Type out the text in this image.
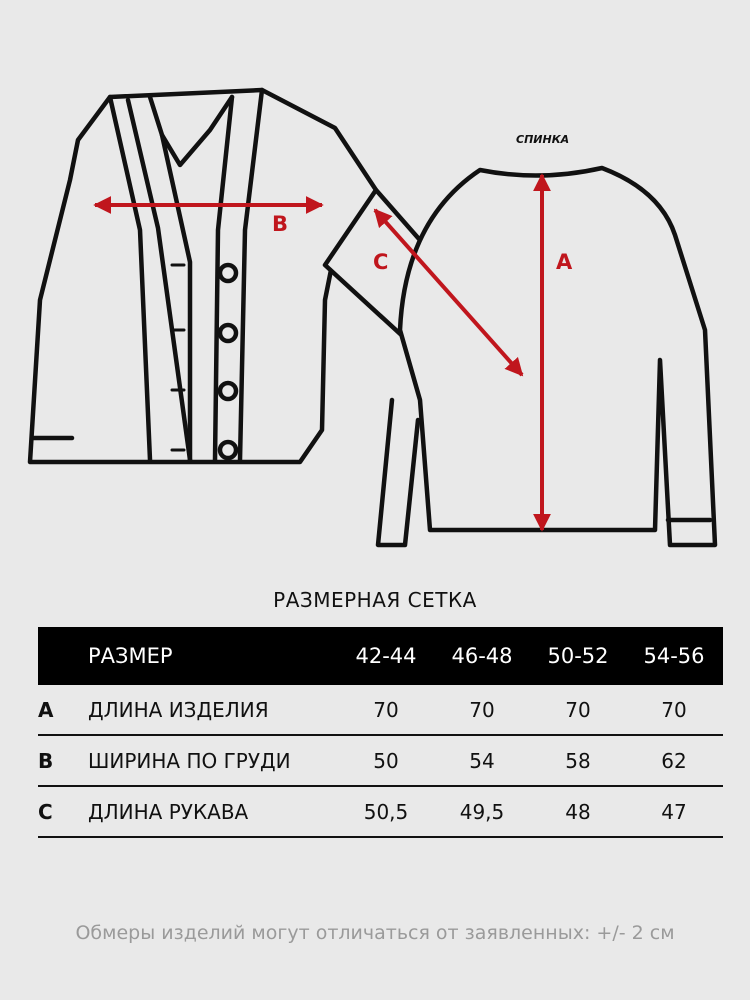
B
C	A
СПИНКА
РАЗМЕРНАЯ СЕТКА
РАЗМЕР	42-44	46-48	50-52	54-56
A	ДЛИНА ИЗДЕЛИЯ	70	70	70	70
B	ШИРИНА ПО ГРУДИ	50	54	58	62
C	ДЛИНА РУКАВА	50,5	49,5	48	47
Обмеры изделий могут отличаться от заявленных: +/- 2 см
